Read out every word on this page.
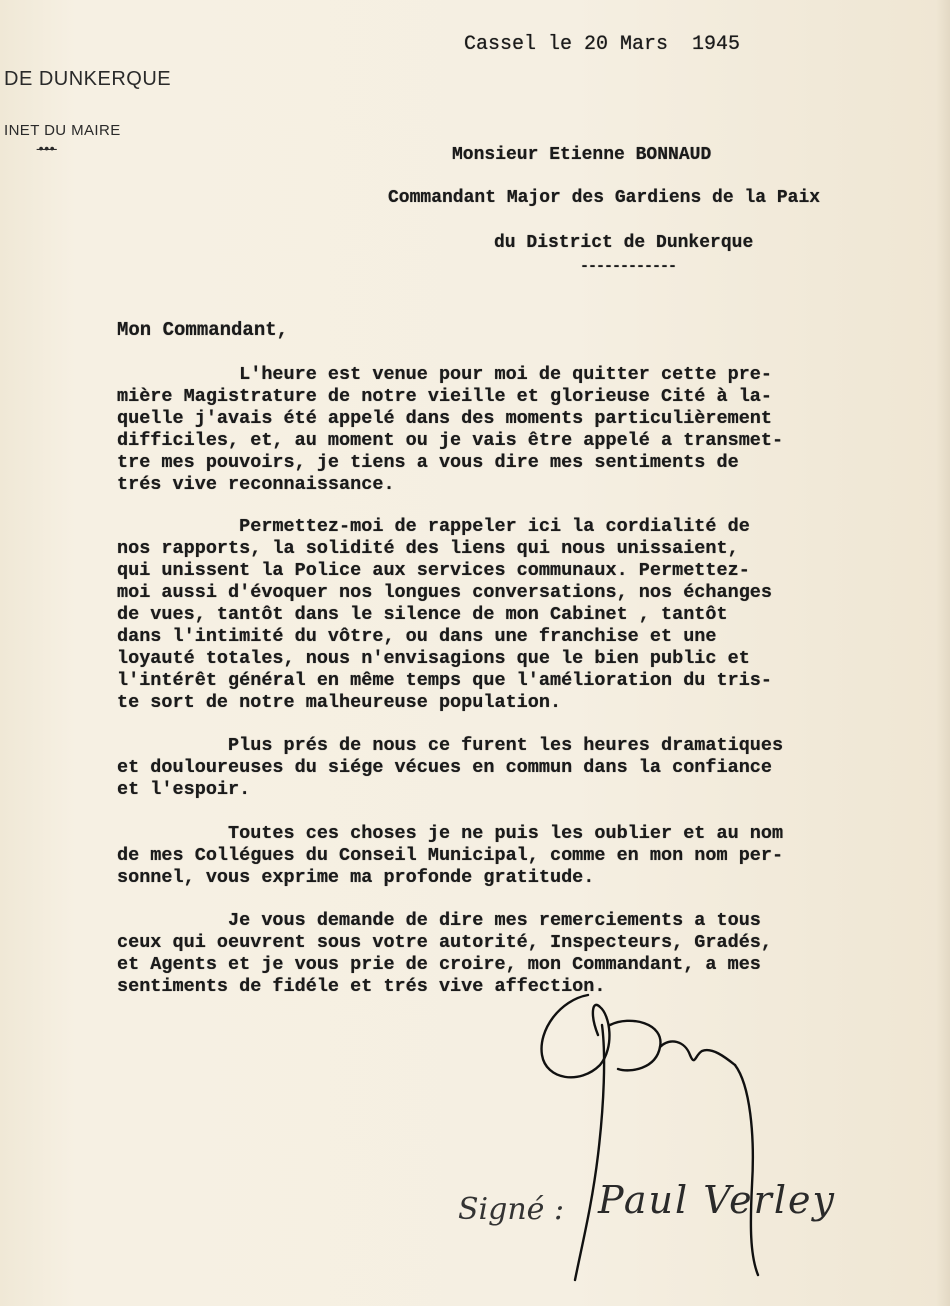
DE DUNKERQUE
INET DU MAIRE
-•-•-•-
Cassel le 20 Mars  1945
Monsieur Etienne BONNAUD
Commandant Major des Gardiens de la Paix
du District de Dunkerque
------------
Mon Commandant,
L'heure est venue pour moi de quitter cette pre-
mière Magistrature de notre vieille et glorieuse Cité à la-
quelle j'avais été appelé dans des moments particulièrement
difficiles, et, au moment ou je vais être appelé a transmet-
tre mes pouvoirs, je tiens a vous dire mes sentiments de
trés vive reconnaissance.
Permettez-moi de rappeler ici la cordialité de
nos rapports, la solidité des liens qui nous unissaient,
qui unissent la Police aux services communaux. Permettez-
moi aussi d'évoquer nos longues conversations, nos échanges
de vues, tantôt dans le silence de mon Cabinet , tantôt
dans l'intimité du vôtre, ou dans une franchise et une
loyauté totales, nous n'envisagions que le bien public et
l'intérêt général en même temps que l'amélioration du tris-
te sort de notre malheureuse population.
Plus prés de nous ce furent les heures dramatiques
et douloureuses du siége vécues en commun dans la confiance
et l'espoir.
Toutes ces choses je ne puis les oublier et au nom
de mes Collégues du Conseil Municipal, comme en mon nom per-
sonnel, vous exprime ma profonde gratitude.
Je vous demande de dire mes remerciements a tous
ceux qui oeuvrent sous votre autorité, Inspecteurs, Gradés,
et Agents et je vous prie de croire, mon Commandant, a mes
sentiments de fidéle et trés vive affection.
Signé : Paul Verley
